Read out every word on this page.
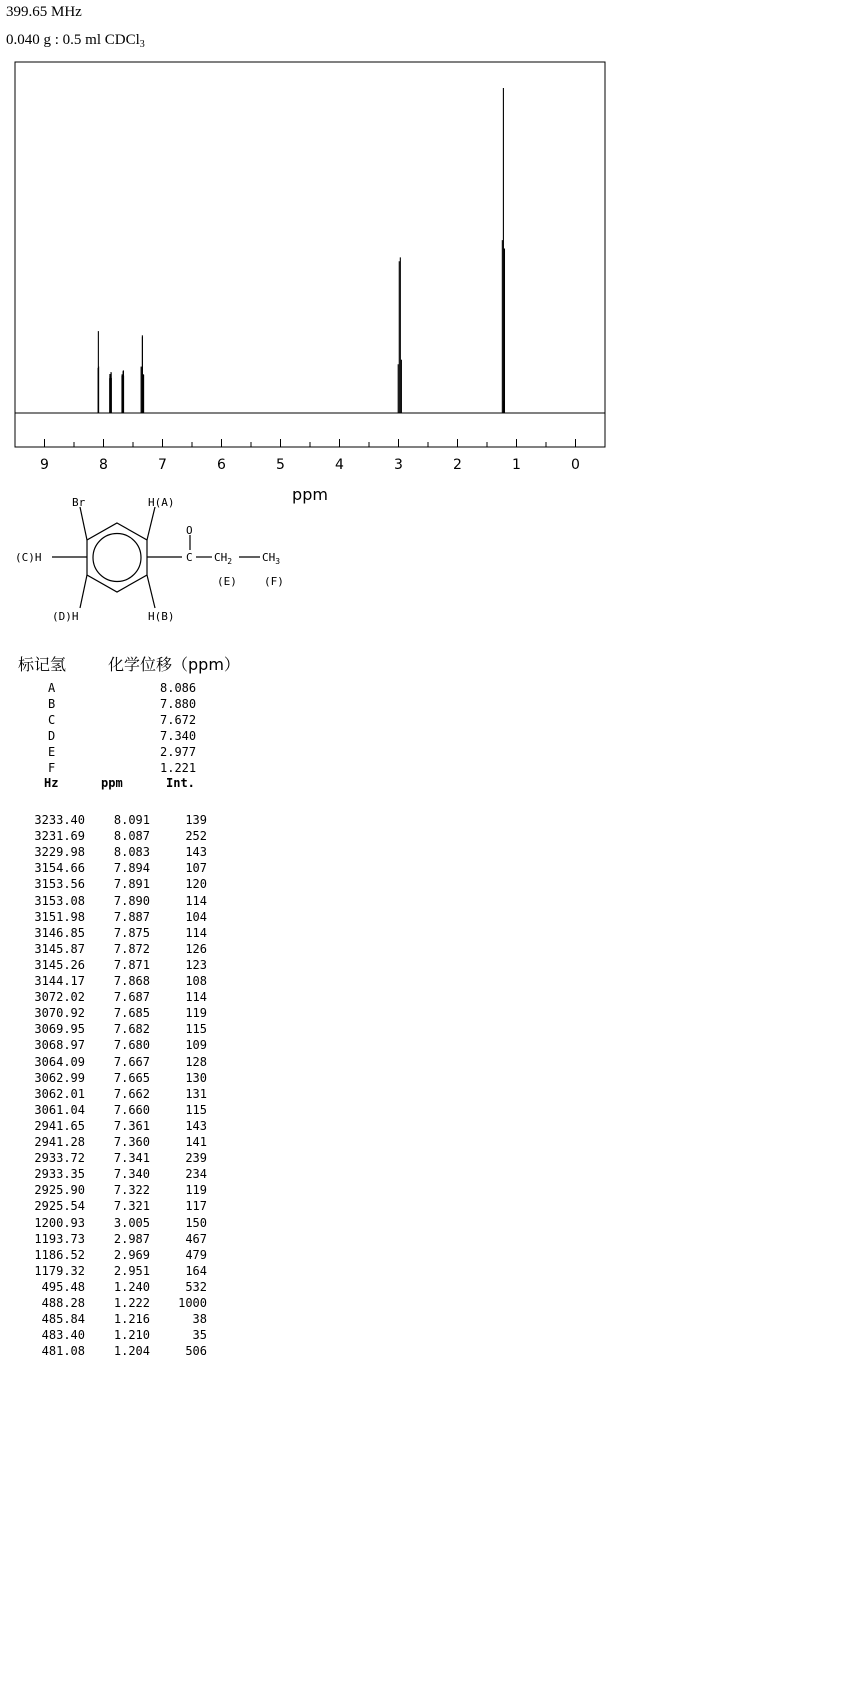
399.65 MHz
0.040 g : 0.5 ml CDCl$_3$
9	8	7	6	5	4	3	2	1	0
ppm
Br	H(A)
(C)H
(D)H	H(B)
O
C $CH_2$	$CH_3$
(E) (F)
标记氢	化学位移（ppm）
A	8.086
B	7.880
C	7.672
D	7.340
E	2.977
F	1.221
Hz	ppm	Int.
3233.40	8.091	139
3231.69	8.087	252
3229.98	8.083	143
3154.66	7.894	107
3153.56	7.891	120
3153.08	7.890	114
3151.98	7.887	104
3146.85	7.875	114
3145.87	7.872	126
3145.26	7.871	123
3144.17	7.868	108
3072.02	7.687	114
3070.92	7.685	119
3069.95	7.682	115
3068.97	7.680	109
3064.09	7.667	128
3062.99	7.665	130
3062.01	7.662	131
3061.04	7.660	115
2941.65	7.361	143
2941.28	7.360	141
2933.72	7.341	239
2933.35	7.340	234
2925.90	7.322	119
2925.54	7.321	117
1200.93	3.005	150
1193.73	2.987	467
1186.52	2.969	479
1179.32	2.951	164
495.48	1.240	532
488.28	1.222	1000
485.84	1.216	38
483.40	1.210	35
481.08	1.204	506
